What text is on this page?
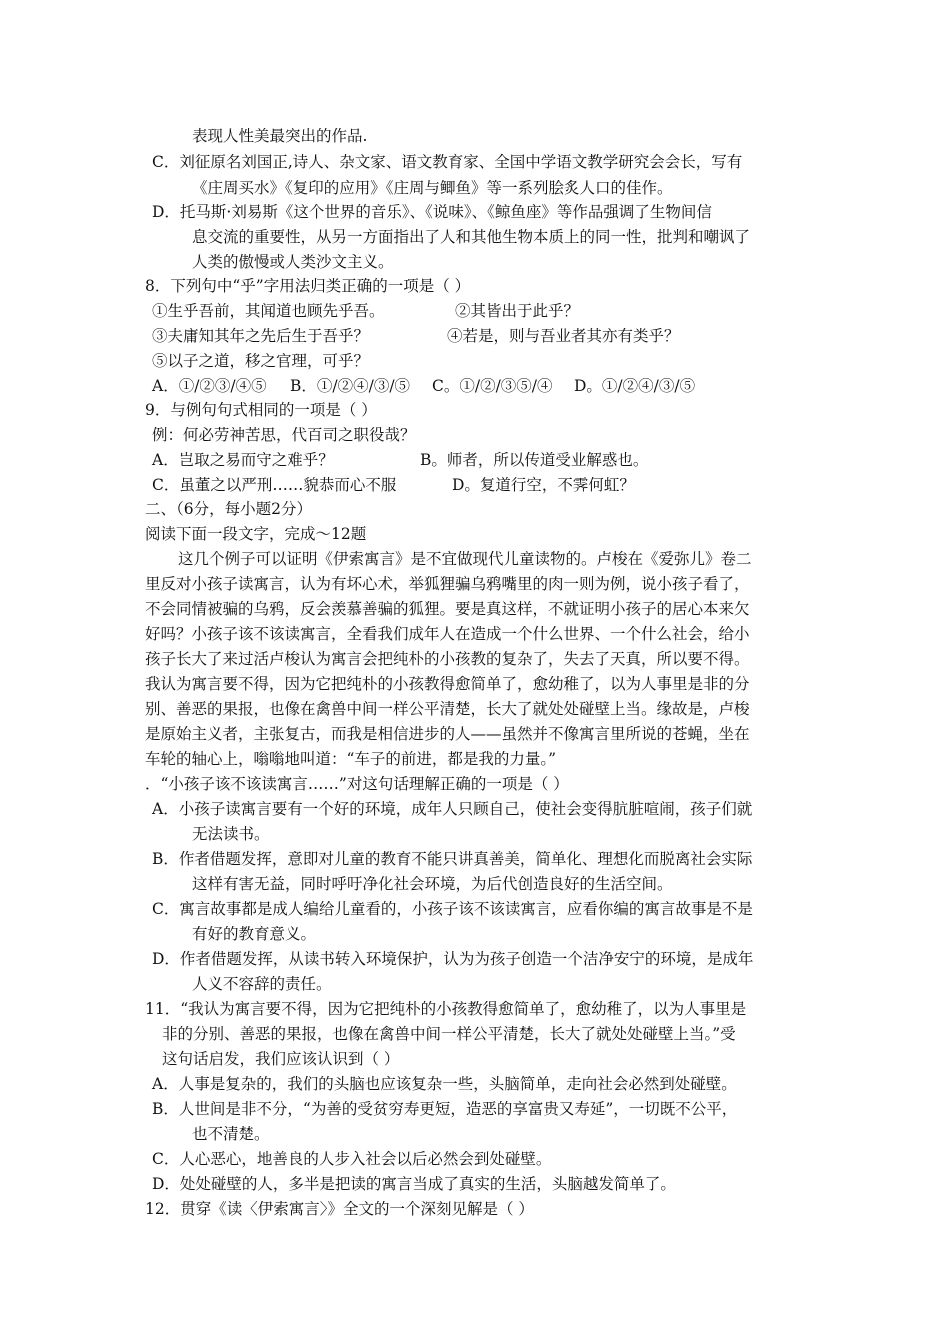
表现人性美最突出的作品.
C．刘征原名刘国正,诗人、杂文家、语文教育家、全国中学语文教学研究会会长，写有
《庄周买水》《复印的应用》《庄周与鲫鱼》等一系列脍炙人口的佳作。
D．托马斯·刘易斯《这个世界的音乐》、《说味》、《鲸鱼座》等作品强调了生物间信
息交流的重要性，从另一方面指出了人和其他生物本质上的同一性，批判和嘲讽了
人类的傲慢或人类沙文主义。
8．下列句中“乎”字用法归类正确的一项是（ ）
①生乎吾前，其闻道也顾先乎吾。	②其皆出于此乎？
③夫庸知其年之先后生于吾乎？	④若是，则与吾业者其亦有类乎？
⑤以子之道，移之官理，可乎？
A．①/②③/④⑤ B．①/②④/③/⑤ C。①/②/③⑤/④ D。①/②④/③/⑤
9．与例句句式相同的一项是（ ）
例：何必劳神苦思，代百司之职役哉？
A．岂取之易而守之难乎？	B。师者，所以传道受业解惑也。
C．虽董之以严刑……貌恭而心不服	D。复道行空，不霁何虹？
二、（6分，每小题2分）
阅读下面一段文字，完成～12题
这几个例子可以证明《伊索寓言》是不宜做现代儿童读物的。卢梭在《爱弥儿》卷二
里反对小孩子读寓言，认为有坏心术，举狐狸骗乌鸦嘴里的肉一则为例，说小孩子看了，
不会同情被骗的乌鸦，反会羡慕善骗的狐狸。要是真这样，不就证明小孩子的居心本来欠
好吗？小孩子该不该读寓言，全看我们成年人在造成一个什么世界、一个什么社会，给小
孩子长大了来过活卢梭认为寓言会把纯朴的小孩教的复杂了，失去了天真，所以要不得。
我认为寓言要不得，因为它把纯朴的小孩教得愈简单了，愈幼稚了，以为人事里是非的分
别、善恶的果报，也像在禽兽中间一样公平清楚，长大了就处处碰壁上当。缘故是，卢梭
是原始主义者，主张复古，而我是相信进步的人——虽然并不像寓言里所说的苍蝇，坐在
车轮的轴心上，嗡嗡地叫道：“车子的前进，都是我的力量。”
．“小孩子该不该读寓言……”对这句话理解正确的一项是（ ）
A．小孩子读寓言要有一个好的环境，成年人只顾自己，使社会变得肮脏喧闹，孩子们就
无法读书。
B．作者借题发挥，意即对儿童的教育不能只讲真善美，简单化、理想化而脱离社会实际
这样有害无益，同时呼吁净化社会环境，为后代创造良好的生活空间。
C．寓言故事都是成人编给儿童看的，小孩子该不该读寓言，应看你编的寓言故事是不是
有好的教育意义。
D．作者借题发挥，从读书转入环境保护，认为为孩子创造一个洁净安宁的环境，是成年
人义不容辞的责任。
11．“我认为寓言要不得，因为它把纯朴的小孩教得愈简单了，愈幼稚了，以为人事里是
非的分别、善恶的果报，也像在禽兽中间一样公平清楚，长大了就处处碰壁上当。”受
这句话启发，我们应该认识到（ ）
A．人事是复杂的，我们的头脑也应该复杂一些，头脑简单，走向社会必然到处碰壁。
B．人世间是非不分，“为善的受贫穷寿更短，造恶的享富贵又寿延”，一切既不公平，
也不清楚。
C．人心恶心，地善良的人步入社会以后必然会到处碰壁。
D．处处碰壁的人，多半是把读的寓言当成了真实的生活，头脑越发简单了。
12．贯穿《读〈伊索寓言〉》全文的一个深刻见解是（ ）
